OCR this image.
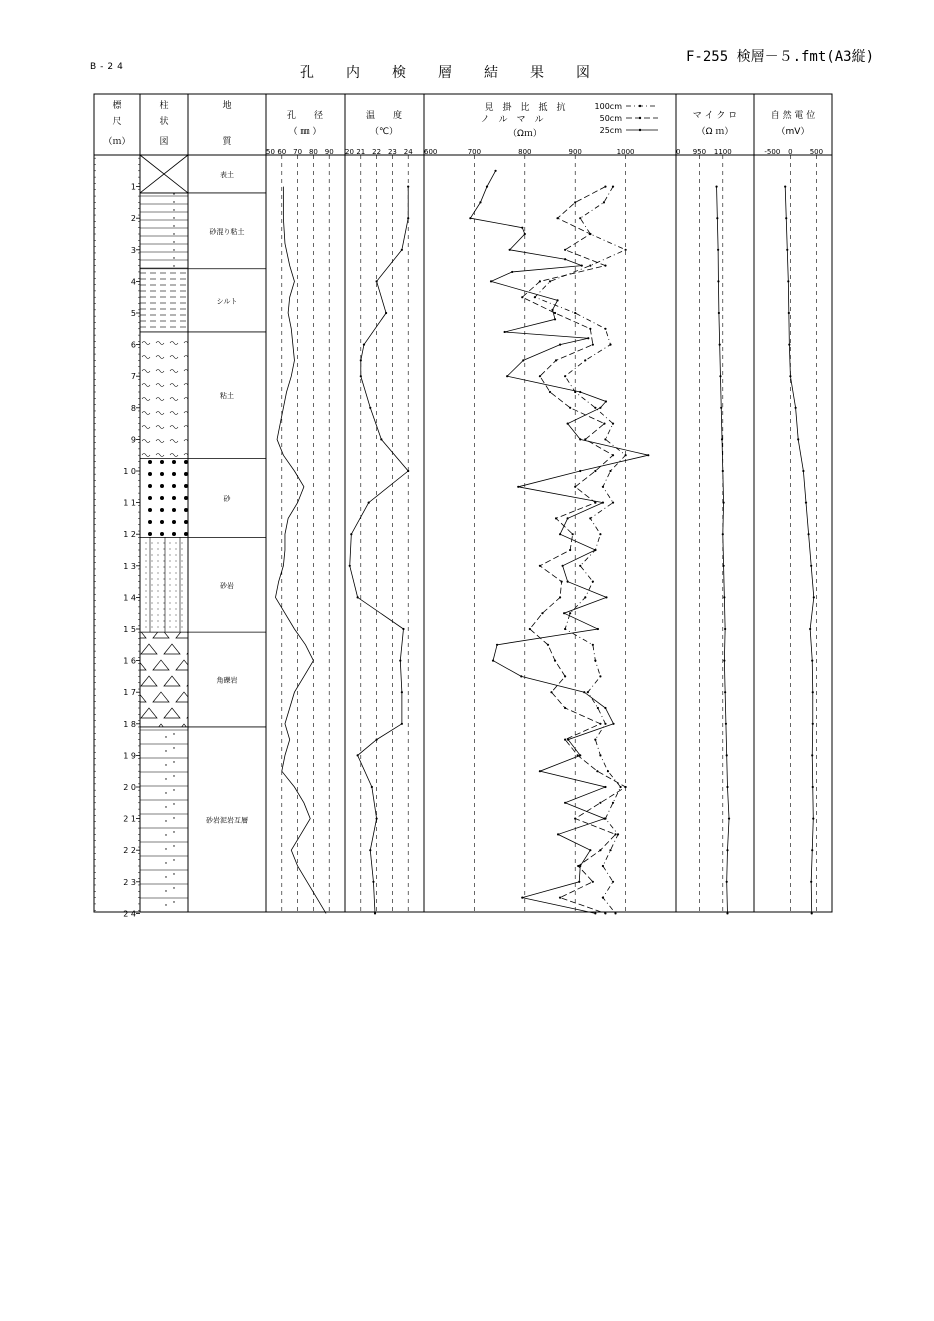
F-255 検層－５.fmt(A3縦)
B-24	孔内検層結果図
標
尺
（ｍ）
柱
状
図
地
質
孔　　径
（ ㎜ ）
温　　度
（℃）
マ イ ク ロ
（Ω ｍ）
自 然 電 位
（mV）
見　掛　比　抵　抗
ノ　ル　マ　ル
（Ωｍ）
100cm
50cm
25cm
50 60 70 80 90 20 21 22 23 24 600	700	800	900	1000	0 950 1100	-500 0 500
1
2
3
4
5
6
7
8
9
1 0
1 1
1 2
1 3
1 4
1 5
1 6
1 7
1 8
1 9
2 0
2 1
2 2
2 3
2 4
表土
砂混り粘土
シルト
粘土
砂
砂岩
角礫岩
砂岩泥岩互層
